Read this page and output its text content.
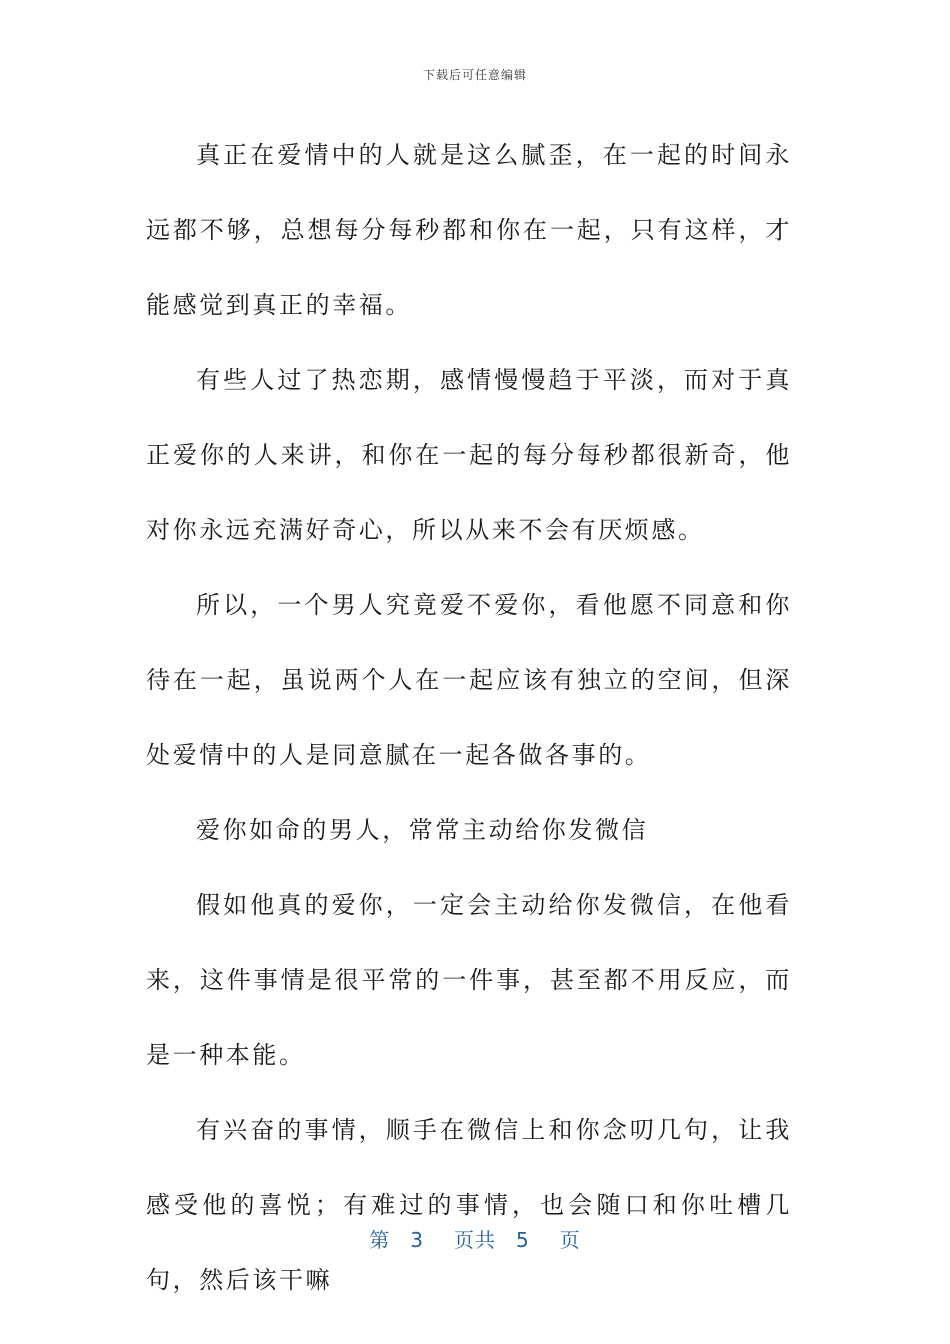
下载后可任意编辑

真正在爱情中的人就是这么腻歪，在一起的时间永远都不够，总想每分每秒都和你在一起，只有这样，才能感觉到真正的幸福。

有些人过了热恋期，感情慢慢趋于平淡，而对于真正爱你的人来讲，和你在一起的每分每秒都很新奇，他对你永远充满好奇心，所以从来不会有厌烦感。

所以，一个男人究竟爱不爱你，看他愿不同意和你待在一起，虽说两个人在一起应该有独立的空间，但深处爱情中的人是同意腻在一起各做各事的。

爱你如命的男人，常常主动给你发微信

假如他真的爱你，一定会主动给你发微信，在他看来，这件事情是很平常的一件事，甚至都不用反应，而是一种本能。

有兴奋的事情，顺手在微信上和你念叨几句，让我感受他的喜悦；有难过的事情，也会随口和你吐槽几句，然后该干嘛

第 3 页共 5 页
